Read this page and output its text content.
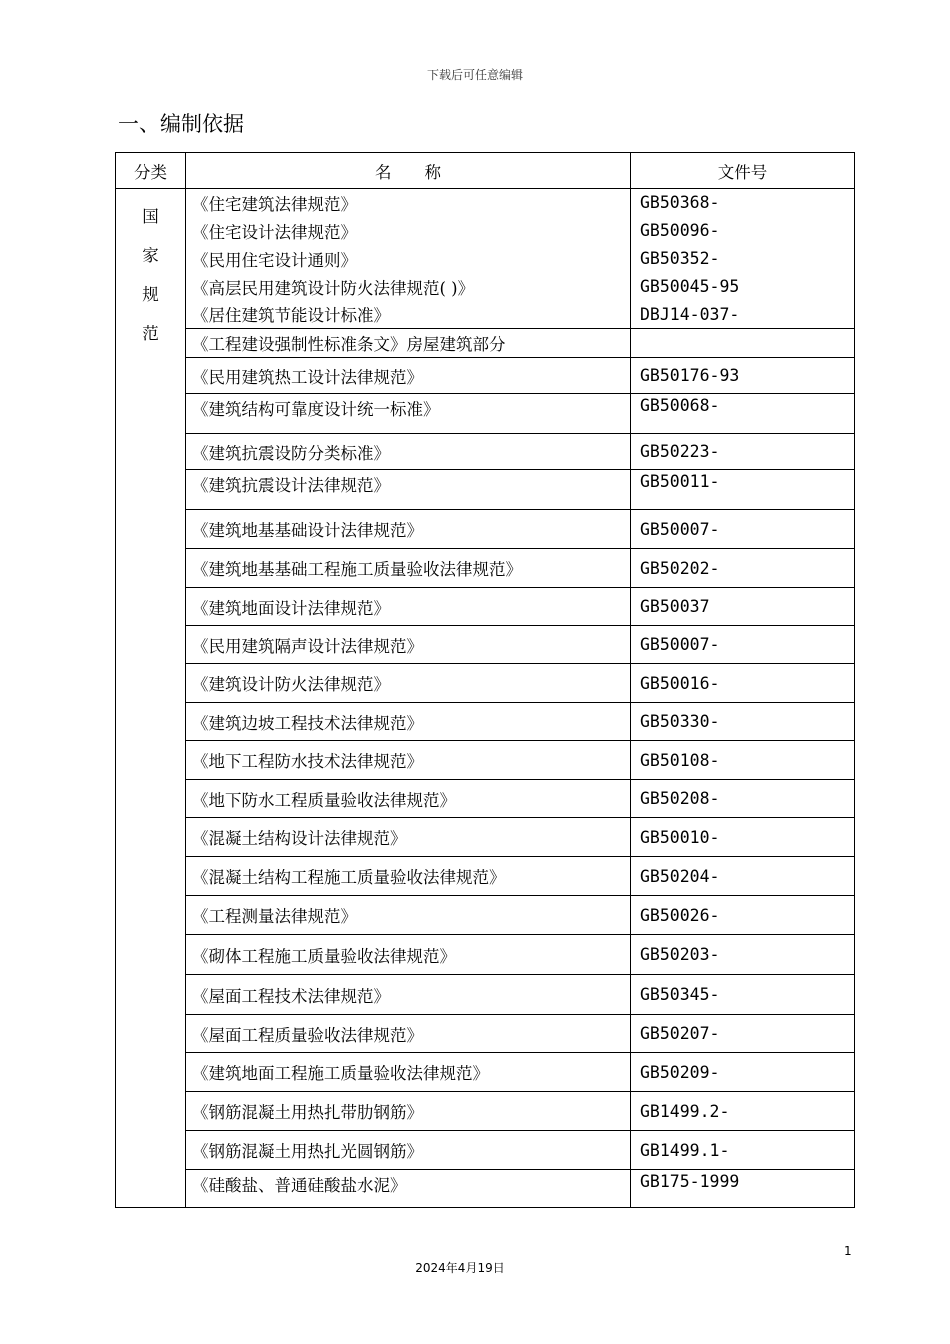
下载后可任意编辑
一、编制依据
分类	名　　称	文件号

国
家
规
范	《住宅建筑法律规范》	GB50368-
	《住宅设计法律规范》	GB50096-
	《民用住宅设计通则》	GB50352-
	《高层民用建筑设计防火法律规范( )》	GB50045-95
	《居住建筑节能设计标准》	DBJ14-037-
	《工程建设强制性标准条文》房屋建筑部分	
	《民用建筑热工设计法律规范》	GB50176-93
	《建筑结构可靠度设计统一标准》	GB50068-
	《建筑抗震设防分类标准》	GB50223-
	《建筑抗震设计法律规范》	GB50011-
	《建筑地基基础设计法律规范》	GB50007-
	《建筑地基基础工程施工质量验收法律规范》	GB50202-
	《建筑地面设计法律规范》	GB50037
	《民用建筑隔声设计法律规范》	GB50007-
	《建筑设计防火法律规范》	GB50016-
	《建筑边坡工程技术法律规范》	GB50330-
	《地下工程防水技术法律规范》	GB50108-
	《地下防水工程质量验收法律规范》	GB50208-
	《混凝土结构设计法律规范》	GB50010-
	《混凝土结构工程施工质量验收法律规范》	GB50204-
	《工程测量法律规范》	GB50026-
	《砌体工程施工质量验收法律规范》	GB50203-
	《屋面工程技术法律规范》	GB50345-
	《屋面工程质量验收法律规范》	GB50207-
	《建筑地面工程施工质量验收法律规范》	GB50209-
	《钢筋混凝土用热扎带肋钢筋》	GB1499.2-
	《钢筋混凝土用热扎光圆钢筋》	GB1499.1-
	《硅酸盐、普通硅酸盐水泥》	GB175-1999
1
2024年4月19日
